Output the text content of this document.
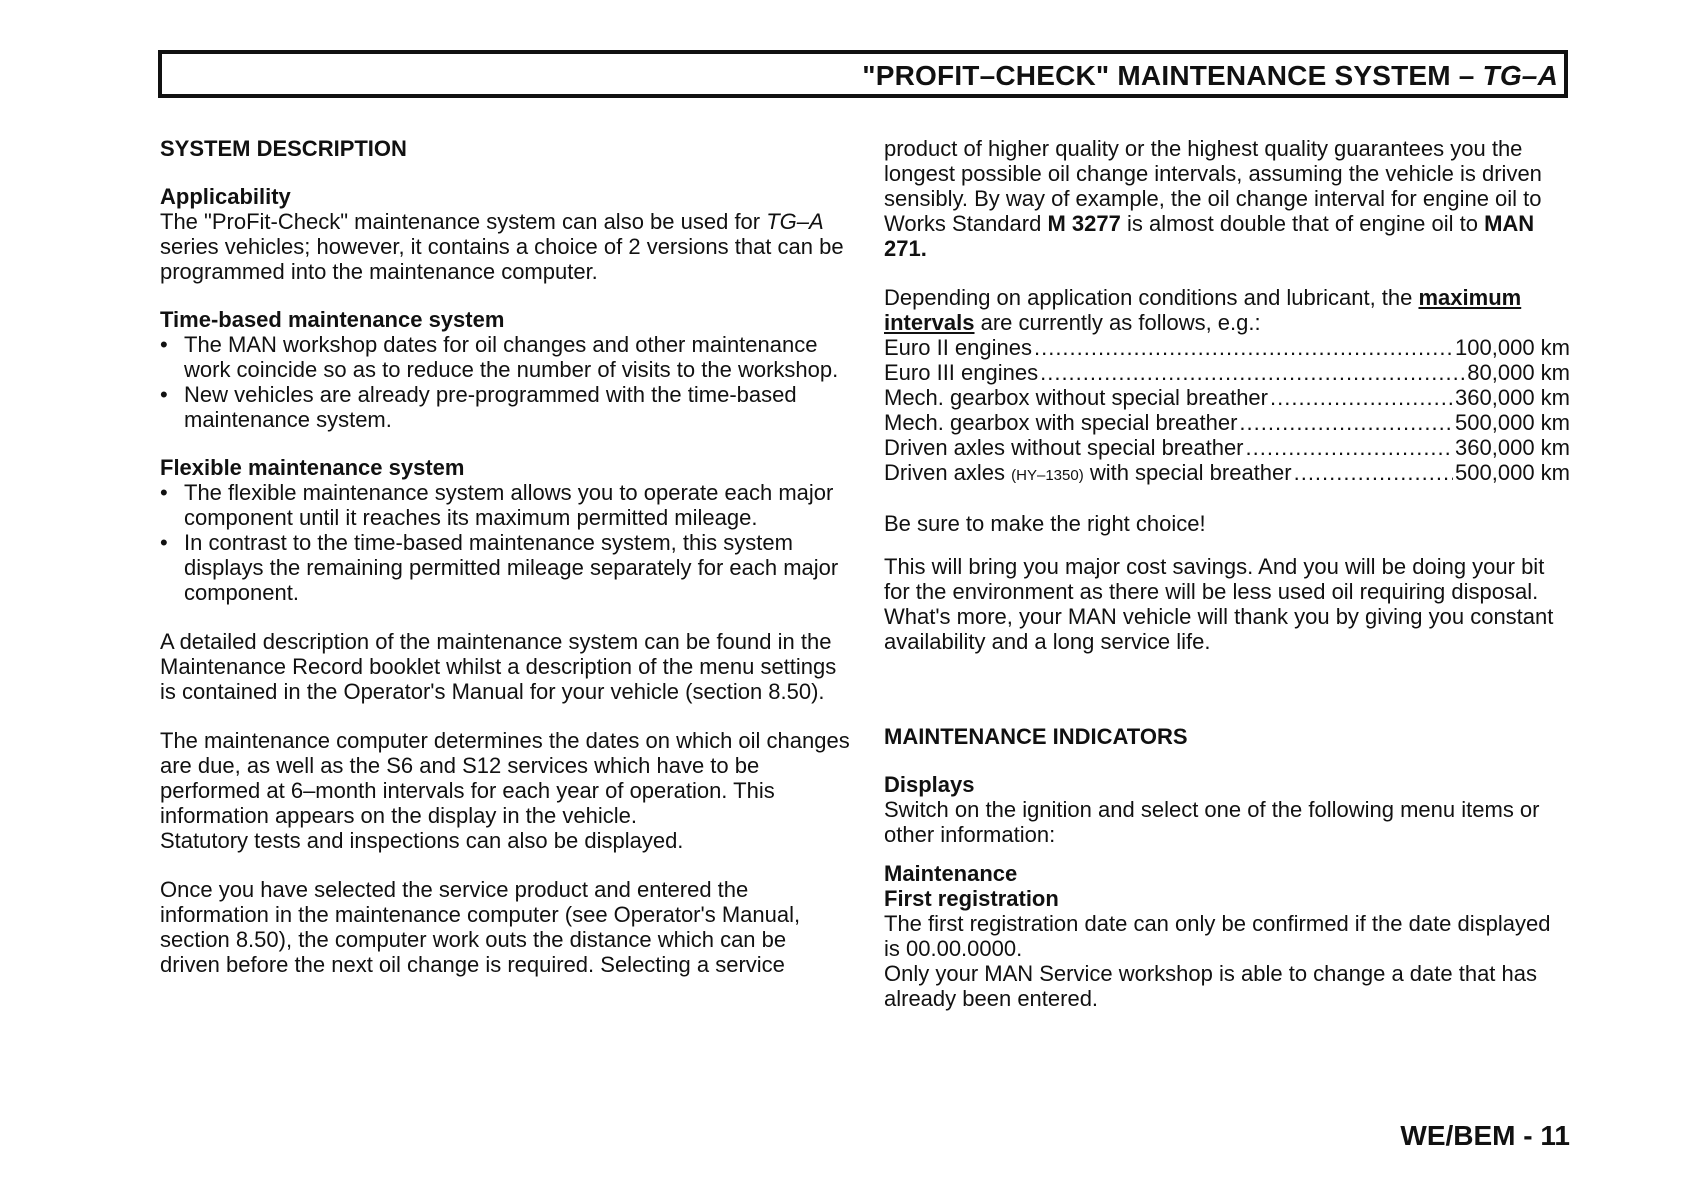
"PROFIT–CHECK" MAINTENANCE SYSTEM – TG–A

SYSTEM DESCRIPTION

Applicability

The "ProFit-Check" maintenance system can also be used for TG–A series vehicles; however, it contains a choice of 2 versions that can be programmed into the maintenance computer.

Time-based maintenance system

• The MAN workshop dates for oil changes and other maintenance work coincide so as to reduce the number of visits to the workshop.
• New vehicles are already pre-programmed with the time-based maintenance system.

Flexible maintenance system

• The flexible maintenance system allows you to operate each major component until it reaches its maximum permitted mileage.
• In contrast to the time-based maintenance system, this system displays the remaining permitted mileage separately for each major component.

A detailed description of the maintenance system can be found in the Maintenance Record booklet whilst a description of the menu settings is contained in the Operator's Manual for your vehicle (section 8.50).

The maintenance computer determines the dates on which oil changes are due, as well as the S6 and S12 services which have to be performed at 6–month intervals for each year of operation. This information appears on the display in the vehicle.

Statutory tests and inspections can also be displayed.

Once you have selected the service product and entered the information in the maintenance computer (see Operator's Manual, section 8.50), the computer work outs the distance which can be driven before the next oil change is required. Selecting a service

product of higher quality or the highest quality guarantees you the longest possible oil change intervals, assuming the vehicle is driven sensibly. By way of example, the oil change interval for engine oil to Works Standard M 3277 is almost double that of engine oil to MAN 271.

Depending on application conditions and lubricant, the maximum intervals are currently as follows, e.g.:

Euro II engines .....	100,000 km
Euro III engines .....	80,000 km
Mech. gearbox without special breather .....	360,000 km
Mech. gearbox with special breather .....	500,000 km
Driven axles without special breather .....	360,000 km
Driven axles (HY–1350) with special breather .....	500,000 km

Be sure to make the right choice!

This will bring you major cost savings. And you will be doing your bit for the environment as there will be less used oil requiring disposal. What's more, your MAN vehicle will thank you by giving you constant availability and a long service life.

MAINTENANCE INDICATORS

Displays

Switch on the ignition and select one of the following menu items or other information:

Maintenance

First registration

The first registration date can only be confirmed if the date displayed is 00.00.0000.

Only your MAN Service workshop is able to change a date that has already been entered.

WE/BEM - 11
